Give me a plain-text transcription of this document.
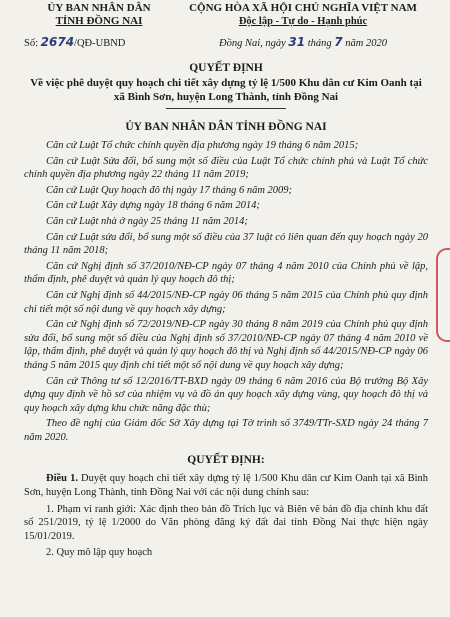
ỦY BAN NHÂN DÂN
TỈNH ĐỒNG NAI
CỘNG HÒA XÃ HỘI CHỦ NGHĨA VIỆT NAM
Độc lập - Tự do - Hạnh phúc
Số: 2674/QĐ-UBND	Đồng Nai, ngày 31 tháng 7 năm 2020
QUYẾT ĐỊNH
Về việc phê duyệt quy hoạch chi tiết xây dựng tỷ lệ 1/500 Khu dân cư Kim Oanh tại xã Bình Sơn, huyện Long Thành, tỉnh Đồng Nai
ỦY BAN NHÂN DÂN TỈNH ĐỒNG NAI

Căn cứ Luật Tổ chức chính quyền địa phương ngày 19 tháng 6 năm 2015;

Căn cứ Luật Sửa đổi, bổ sung một số điều của Luật Tổ chức chính phủ và Luật Tổ chức chính quyền địa phương ngày 22 tháng 11 năm 2019;

Căn cứ Luật Quy hoạch đô thị ngày 17 tháng 6 năm 2009;

Căn cứ Luật Xây dựng ngày 18 tháng 6 năm 2014;

Căn cứ Luật nhà ở ngày 25 tháng 11 năm 2014;

Căn cứ Luật sửa đổi, bổ sung một số điều của 37 luật có liên quan đến quy hoạch ngày 20 tháng 11 năm 2018;

Căn cứ Nghị định số 37/2010/NĐ-CP ngày 07 tháng 4 năm 2010 của Chính phủ về lập, thẩm định, phê duyệt và quản lý quy hoạch đô thị;

Căn cứ Nghị định số 44/2015/NĐ-CP ngày 06 tháng 5 năm 2015 của Chính phủ quy định chi tiết một số nội dung về quy hoạch xây dựng;

Căn cứ Nghị định số 72/2019/NĐ-CP ngày 30 tháng 8 năm 2019 của Chính phủ quy định sửa đổi, bổ sung một số điều của Nghị định số 37/2010/NĐ-CP ngày 07 tháng 4 năm 2010 về lập, thẩm định, phê duyệt và quản lý quy hoạch đô thị và Nghị định số 44/2015/NĐ-CP ngày 06 tháng 5 năm 2015 quy định chi tiết một số nội dung về quy hoạch xây dựng;

Căn cứ Thông tư số 12/2016/TT-BXD ngày 09 tháng 6 năm 2016 của Bộ trưởng Bộ Xây dựng quy định về hồ sơ của nhiệm vụ và đồ án quy hoạch xây dựng vùng, quy hoạch đô thị và quy hoạch xây dựng khu chức năng đặc thù;

Theo đề nghị của Giám đốc Sở Xây dựng tại Tờ trình số 3749/TTr-SXD ngày 24 tháng 7 năm 2020.

QUYẾT ĐỊNH:

Điều 1. Duyệt quy hoạch chi tiết xây dựng tỷ lệ 1/500 Khu dân cư Kim Oanh tại xã Bình Sơn, huyện Long Thành, tỉnh Đồng Nai với các nội dung chính sau:

1. Phạm vi ranh giới: Xác định theo bản đồ Trích lục và Biên vẽ bản đồ địa chính khu đất số 251/2019, tỷ lệ 1/2000 do Văn phòng đăng ký đất đai tỉnh Đồng Nai thực hiện ngày 15/01/2019.

2. Quy mô lập quy hoạch
